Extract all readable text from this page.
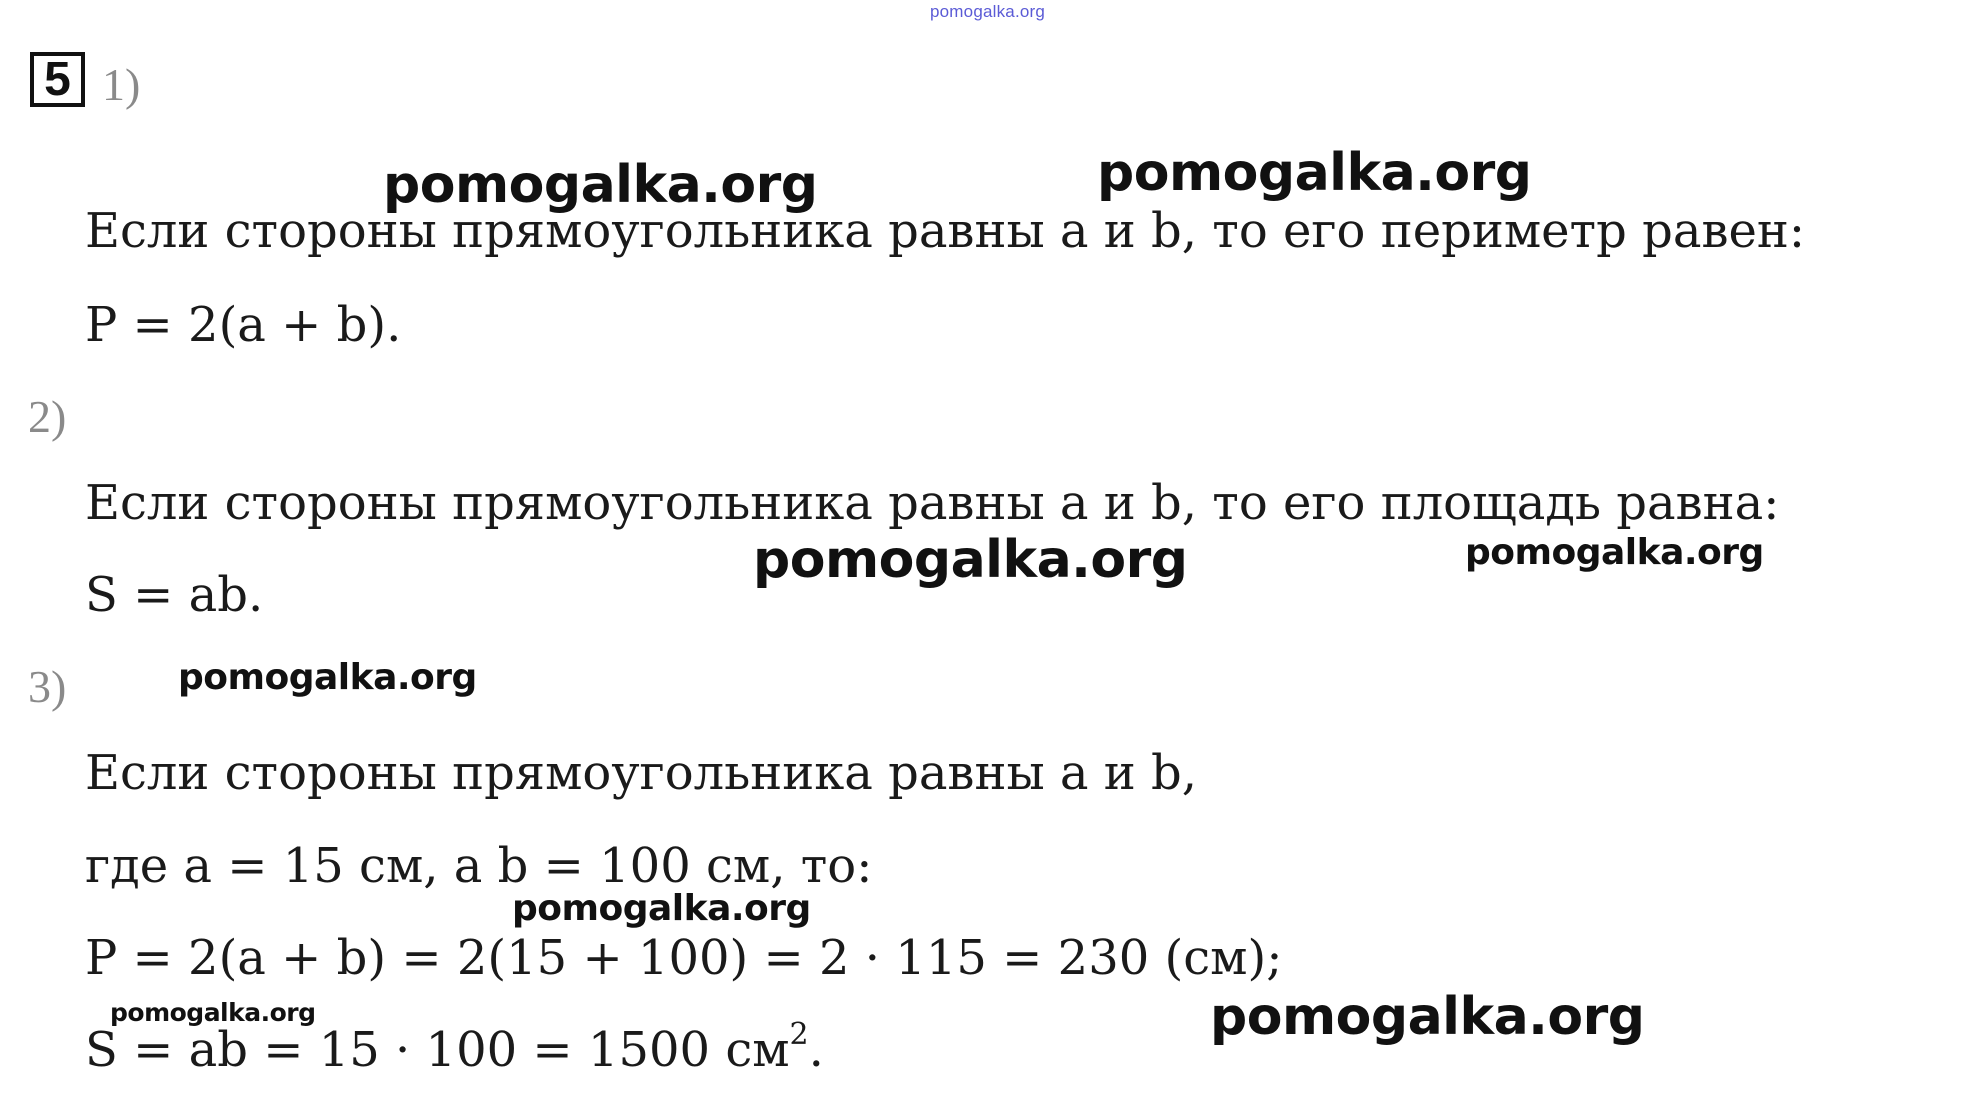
pomogalka.org
5 1)
pomogalka.org	pomogalka.org
Если стороны прямоугольника равны a и b, то его периметр равен:
P = 2(a + b).
2)
Если стороны прямоугольника равны a и b, то его площадь равна:
pomogalka.org	pomogalka.org
S = ab.
3)	pomogalka.org
Если стороны прямоугольника равны a и b,
где a = 15 см, а b = 100 см, то:
pomogalka.org
P = 2(a + b) = 2(15 + 100) = 2 · 115 = 230 (см);
pomogalka.org	pomogalka.org
S = ab = 15 · 100 = 1500 $см^2$.
